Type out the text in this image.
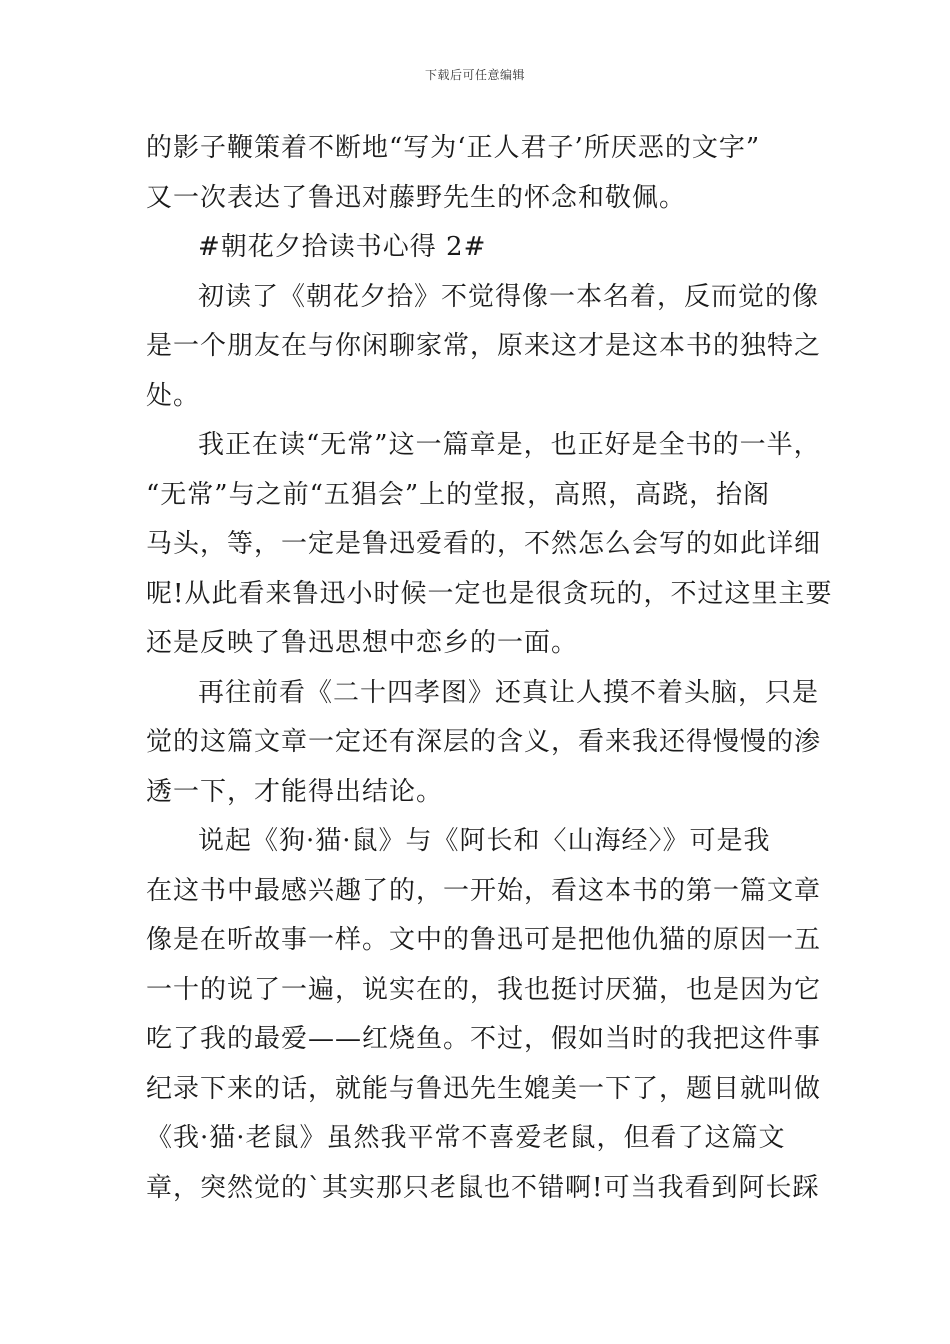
下载后可任意编辑

的影子鞭策着不断地“写为‘正人君子’所厌恶的文字”
又一次表达了鲁迅对藤野先生的怀念和敬佩。

#朝花夕拾读书心得 2#

初读了《朝花夕拾》不觉得像一本名着，反而觉的像
是一个朋友在与你闲聊家常，原来这才是这本书的独特之
处。

我正在读“无常”这一篇章是，也正好是全书的一半，
“无常”与之前“五猖会”上的堂报，高照，高跷，抬阁
马头，等，一定是鲁迅爱看的，不然怎么会写的如此详细
呢!从此看来鲁迅小时候一定也是很贪玩的，不过这里主要
还是反映了鲁迅思想中恋乡的一面。

再往前看《二十四孝图》还真让人摸不着头脑，只是
觉的这篇文章一定还有深层的含义，看来我还得慢慢的渗
透一下，才能得出结论。

说起《狗·猫·鼠》与《阿长和〈山海经〉》可是我
在这书中最感兴趣了的，一开始，看这本书的第一篇文章
像是在听故事一样。文中的鲁迅可是把他仇猫的原因一五
一十的说了一遍，说实在的，我也挺讨厌猫，也是因为它
吃了我的最爱——红烧鱼。不过，假如当时的我把这件事
纪录下来的话，就能与鲁迅先生媲美一下了，题目就叫做
《我·猫·老鼠》虽然我平常不喜爱老鼠，但看了这篇文
章，突然觉的`其实那只老鼠也不错啊!可当我看到阿长踩
